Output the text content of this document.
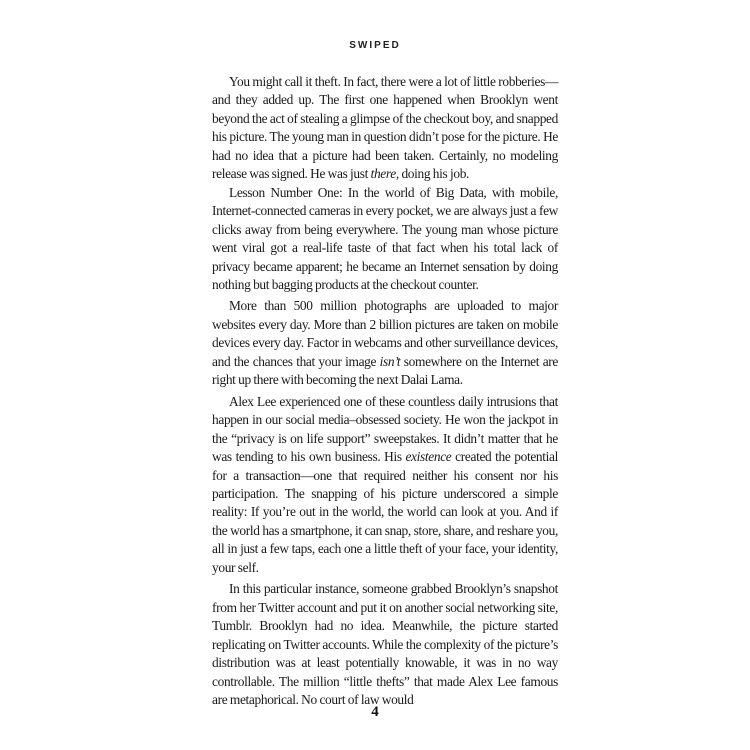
SWIPED

You might call it theft. In fact, there were a lot of little robberies—and they added up. The first one happened when Brooklyn went beyond the act of stealing a glimpse of the checkout boy, and snapped his picture. The young man in question didn’t pose for the picture. He had no idea that a picture had been taken. Certainly, no modeling release was signed. He was just there, doing his job.

Lesson Number One: In the world of Big Data, with mobile, Internet-connected cameras in every pocket, we are always just a few clicks away from being everywhere. The young man whose picture went viral got a real-life taste of that fact when his total lack of privacy became apparent; he became an Internet sensation by doing nothing but bagging products at the checkout counter.

More than 500 million photographs are uploaded to major websites every day. More than 2 billion pictures are taken on mobile devices every day. Factor in webcams and other surveillance devices, and the chances that your image isn’t somewhere on the Internet are right up there with becoming the next Dalai Lama.

Alex Lee experienced one of these countless daily intrusions that happen in our social media–obsessed society. He won the jackpot in the “privacy is on life support” sweepstakes. It didn’t matter that he was tending to his own business. His existence created the potential for a transaction—one that required neither his consent nor his participation. The snapping of his picture underscored a simple reality: If you’re out in the world, the world can look at you. And if the world has a smartphone, it can snap, store, share, and reshare you, all in just a few taps, each one a little theft of your face, your identity, your self.

In this particular instance, someone grabbed Brooklyn’s snapshot from her Twitter account and put it on another social networking site, Tumblr. Brooklyn had no idea. Meanwhile, the picture started replicating on Twitter accounts. While the complexity of the picture’s distribution was at least potentially knowable, it was in no way controllable. The million “little thefts” that made Alex Lee famous are metaphorical. No court of law would

4
